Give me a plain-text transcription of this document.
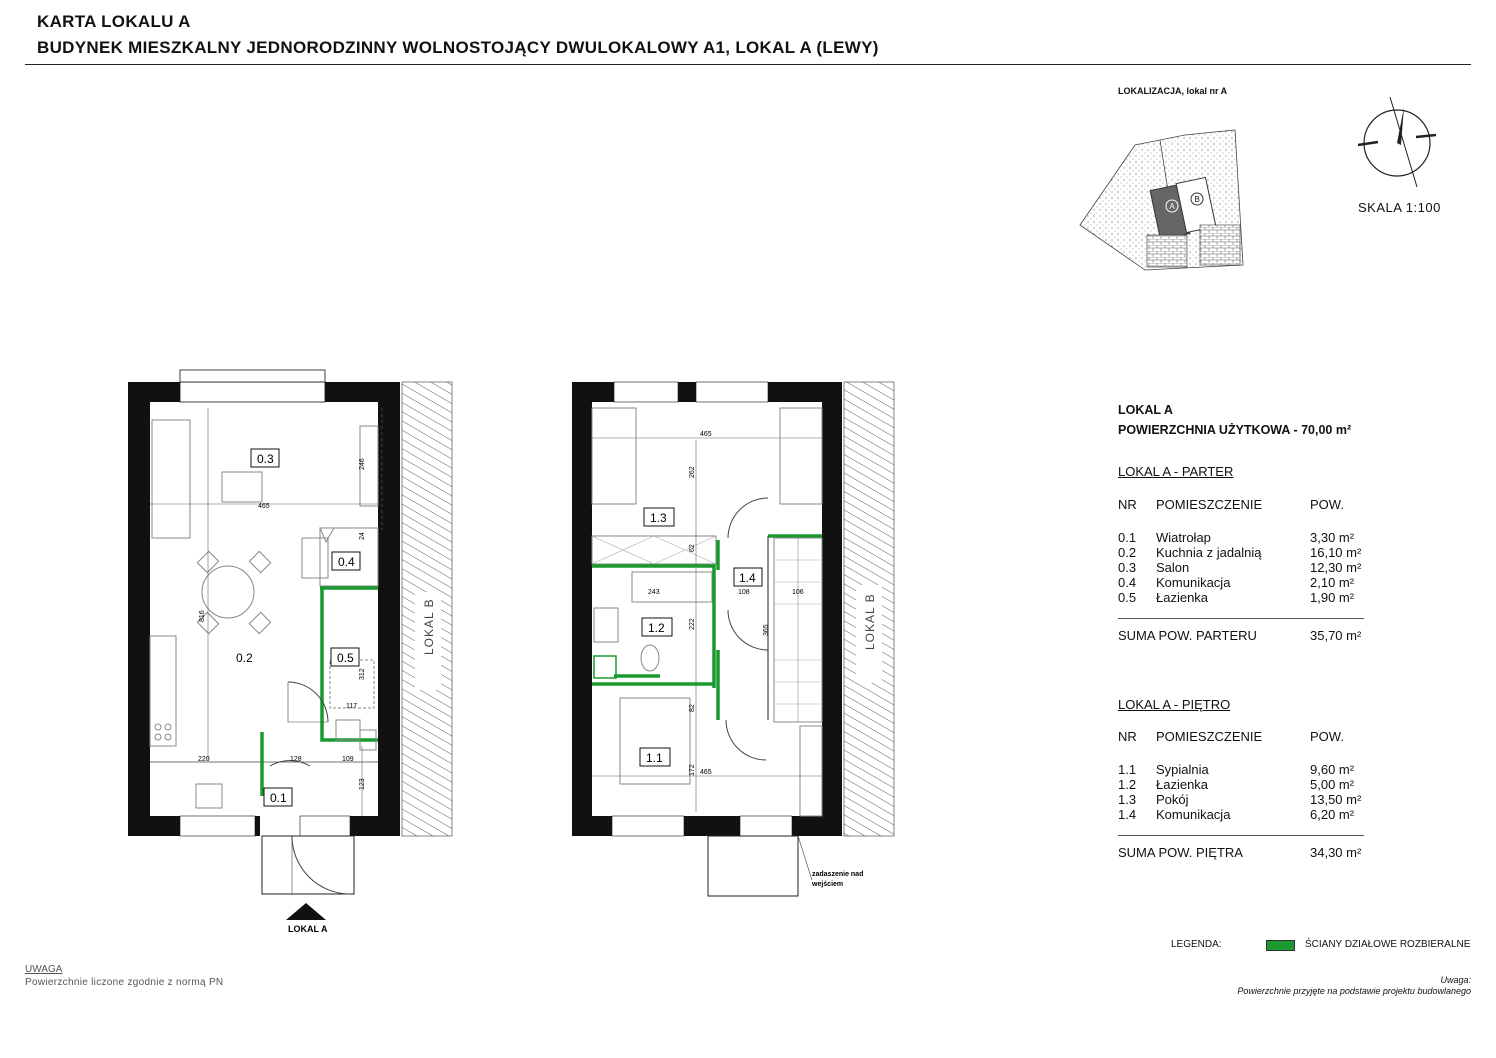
KARTA LOKALU A
BUDYNEK MIESZKALNY JEDNORODZINNY WOLNOSTOJĄCY DWULOKALOWY A1, LOKAL A (LEWY)
LOKALIZACJA, lokal nr A
A
B
SKALA 1:100
LOKAL A
LOKAL B
0.3
0.4
0.5
0.2
0.1
465
246
816
220	128	109
123
24
312
117
LOKAL B
zadaszenie nad
wejściem
1.3
1.4
1.2
1.1
465
262
62
243	108	106
222
365
172 465
82
LOKAL A
POWIERZCHNIA UŻYTKOWA - 70,00 m²
LOKAL A - PARTER
NR	POMIESZCZENIE	POW.
0.1	Wiatrołap	3,30 m²
0.2	Kuchnia z jadalnią	16,10 m²
0.3	Salon	12,30 m²
0.4	Komunikacja	2,10 m²
0.5	Łazienka	1,90 m²
SUMA POW. PARTERU	35,70 m²
LOKAL A - PIĘTRO
NR	POMIESZCZENIE	POW.
1.1	Sypialnia	9,60 m²
1.2	Łazienka	5,00 m²
1.3	Pokój	13,50 m²
1.4	Komunikacja	6,20 m²
SUMA POW. PIĘTRA	34,30 m²
LEGENDA:	ŚCIANY DZIAŁOWE ROZBIERALNE
UWAGA
Powierzchnie liczone zgodnie z normą PN	Uwaga:
Powierzchnie przyjęte na podstawie projektu budowlanego
